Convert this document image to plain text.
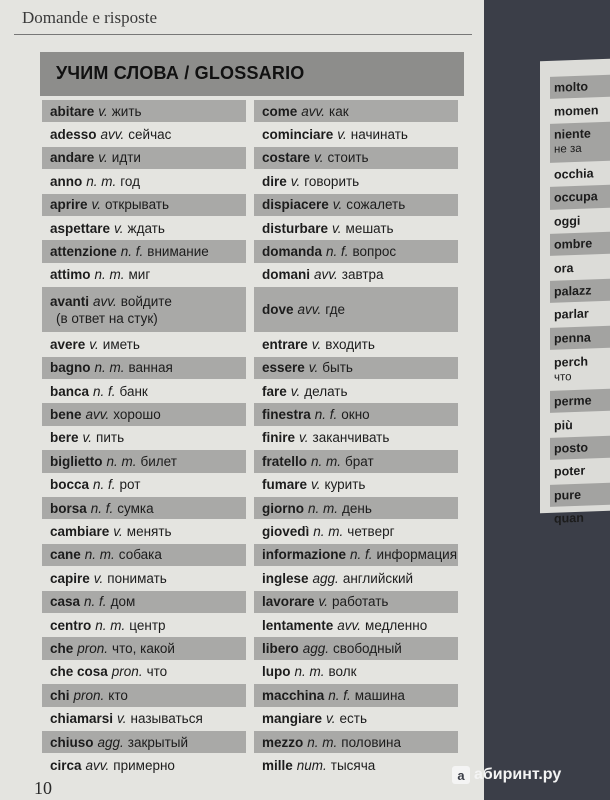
Domande e risposte
УЧИМ СЛОВА / GLOSSARIO
abitare v. жить
adesso avv. сейчас
andare v. идти
anno n. m. год
aprire v. открывать
aspettare v. ждать
attenzione n. f. внимание
attimo n. m. миг
avanti avv. войдите
(в ответ на стук)
avere v. иметь
bagno n. m. ванная
banca n. f. банк
bene avv. хорошо
bere v. пить
biglietto n. m. билет
bocca n. f. рот
borsa n. f. сумка
cambiare v. менять
cane n. m. собака
capire v. понимать
casa n. f. дом
centro n. m. центр
che pron. что, какой
che cosa pron. что
chi pron. кто
chiamarsi v. называться
chiuso agg. закрытый
circa avv. примерно
come avv. как
cominciare v. начинать
costare v. стоить
dire v. говорить
dispiacere v. сожалеть
disturbare v. мешать
domanda n. f. вопрос
domani avv. завтра
dove avv. где
entrare v. входить
essere v. быть
fare v. делать
finestra n. f. окно
finire v. заканчивать
fratello n. m. брат
fumare v. курить
giorno n. m. день
giovedì n. m. четверг
informazione n. f. информация
inglese agg. английский
lavorare v. работать
lentamente avv. медленно
libero agg. свободный
lupo n. m. волк
macchina n. f. машина
mangiare v. есть
mezzo n. m. половина
mille num. тысяча
10
molto
momen
niente
не за
occhia
occupa
oggi
ombre
ora
palazz
parlar
penna
perch
что
perme
più
posto
poter
pure
quan
a абиринт.ру
